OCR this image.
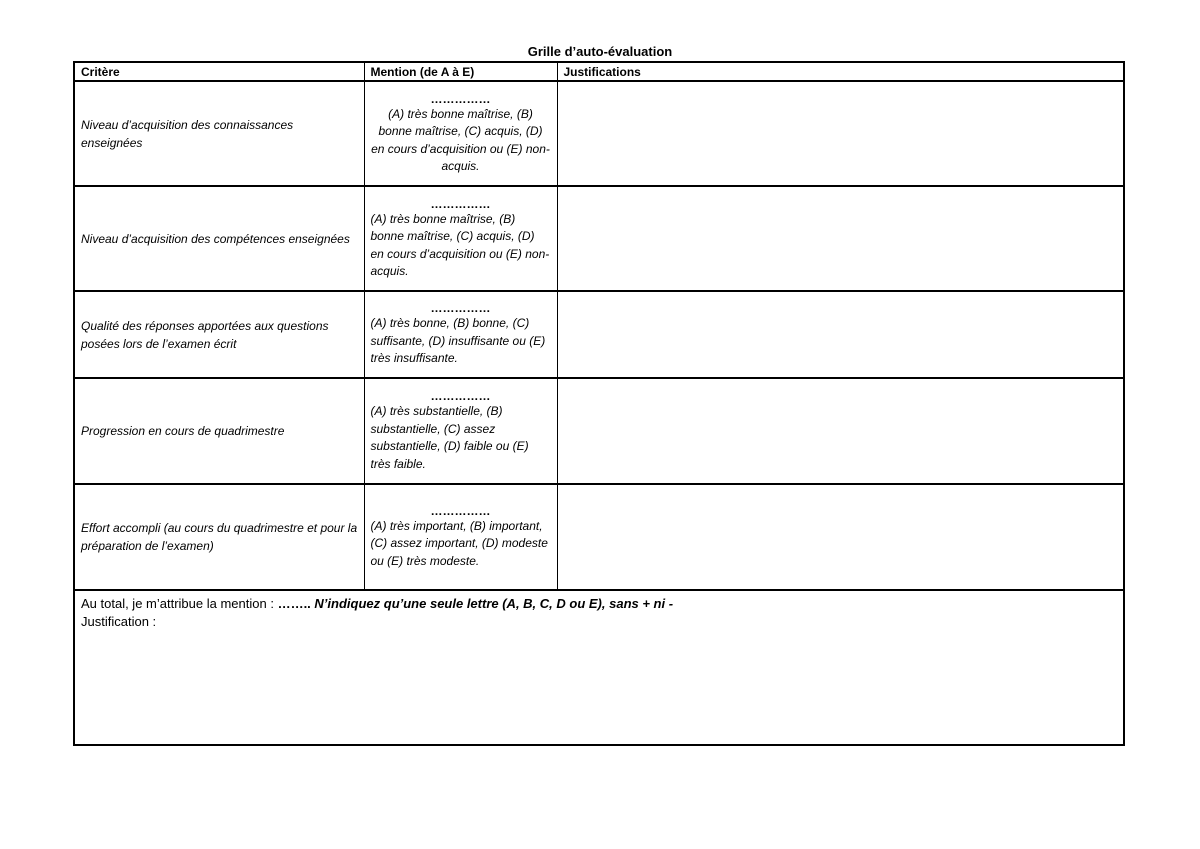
Grille d’auto-évaluation
Critère	Mention (de A à E)	Justifications
Niveau d’acquisition des connaissances enseignées	……………
(A) très bonne maîtrise, (B) bonne maîtrise, (C) acquis, (D) en cours d’acquisition ou (E) non-acquis.	

Niveau d’acquisition des compétences enseignées	……………
(A) très bonne maîtrise, (B) bonne maîtrise, (C) acquis, (D) en cours d’acquisition ou (E) non-acquis.	

Qualité des réponses apportées aux questions posées lors de l’examen écrit	……………
(A) très bonne, (B) bonne, (C) suffisante, (D) insuffisante ou (E) très insuffisante.	

Progression en cours de quadrimestre	……………
(A) très substantielle, (B) substantielle, (C) assez substantielle, (D) faible ou (E) très faible.	

Effort accompli (au cours du quadrimestre et pour la préparation de l’examen)	……………
(A) très important, (B) important, (C) assez important, (D) modeste ou (E) très modeste.	

Au total, je m’attribue la mention : …….. N’indiquez qu’une seule lettre (A, B, C, D ou E), sans + ni -
Justification :		
